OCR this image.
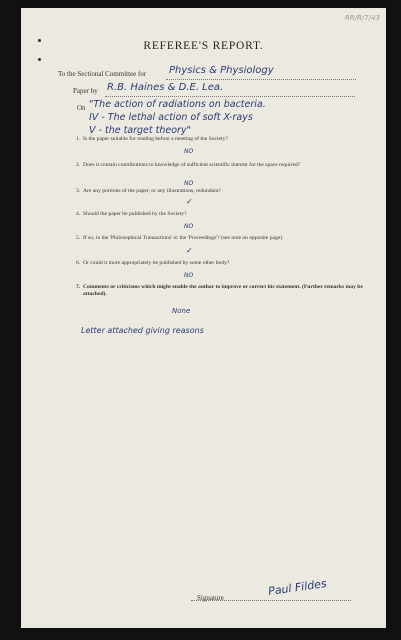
RR/R/7/43
REFEREE'S REPORT.
To the Sectional Committee for Physics & Physiology
Paper by R.B. Haines & D.E. Lea.
On "The action of radiations on bacteria.
IV - The lethal action of soft X-rays
V - the target theory"
1. Is the paper suitable for reading before a meeting of the Society?
NO
2. Does it contain contributions to knowledge of sufficient scientific interest for the space required?
NO
3. Are any portions of the paper, or any illustrations, redundant?
✓
4. Should the paper be published by the Society?
NO
5. If so, in the 'Philosophical Transactions' or the 'Proceedings'? (see note on opposite page).
✓
6. Or could it more appropriately be published by some other body?
NO
7. Comments or criticisms which might enable the author to improve or correct his statement. (Further remarks may be attached).
None
Letter attached giving reasons
Signature	Paul Fildes
